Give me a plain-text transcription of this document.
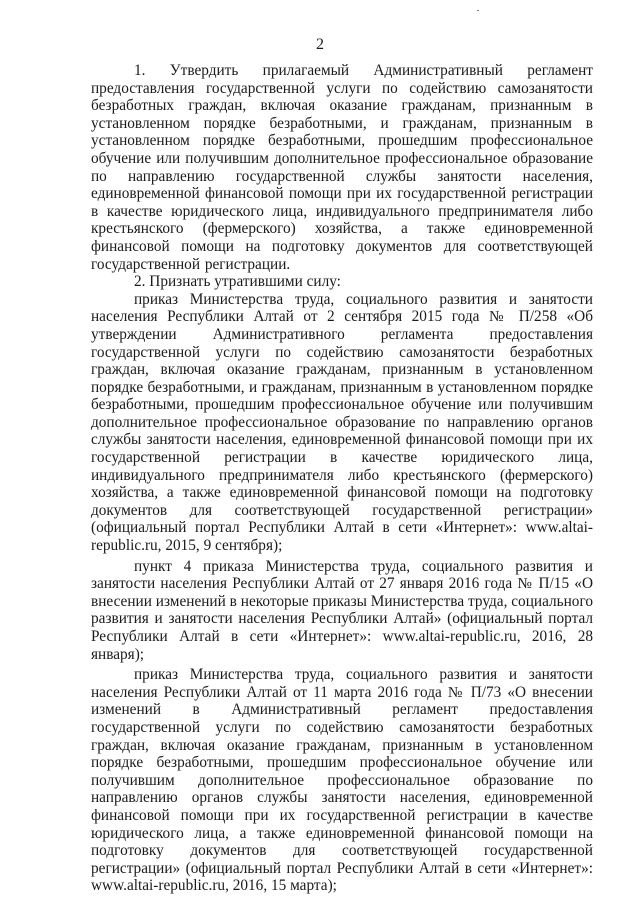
2

1. Утвердить прилагаемый Административный регламент предоставления государственной услуги по содействию самозанятости безработных граждан, включая оказание гражданам, признанным в установленном порядке безработными, и гражданам, признанным в установленном порядке безработными, прошедшим профессиональное обучение или получившим дополнительное профессиональное образование по направлению государственной службы занятости населения, единовременной финансовой помощи при их государственной регистрации в качестве юридического лица, индивидуального предпринимателя либо крестьянского (фермерского) хозяйства, а также единовременной финансовой помощи на подготовку документов для соответствующей государственной регистрации.

2. Признать утратившими силу:

приказ Министерства труда, социального развития и занятости населения Республики Алтай от 2 сентября 2015 года № П/258 «Об утверждении Административного регламента предоставления государственной услуги по содействию самозанятости безработных граждан, включая оказание гражданам, признанным в установленном порядке безработными, и гражданам, признанным в установленном порядке безработными, прошедшим профессиональное обучение или получившим дополнительное профессиональное образование по направлению органов службы занятости населения, единовременной финансовой помощи при их государственной регистрации в качестве юридического лица, индивидуального предпринимателя либо крестьянского (фермерского) хозяйства, а также единовременной финансовой помощи на подготовку документов для соответствующей государственной регистрации» (официальный портал Республики Алтай в сети «Интернет»: www.altai-republic.ru, 2015, 9 сентября);

пункт 4 приказа Министерства труда, социального развития и занятости населения Республики Алтай от 27 января 2016 года № П/15 «О внесении изменений в некоторые приказы Министерства труда, социального развития и занятости населения Республики Алтай» (официальный портал Республики Алтай в сети «Интернет»: www.altai-republic.ru, 2016, 28 января);

приказ Министерства труда, социального развития и занятости населения Республики Алтай от 11 марта 2016 года № П/73 «О внесении изменений в Административный регламент предоставления государственной услуги по содействию самозанятости безработных граждан, включая оказание гражданам, признанным в установленном порядке безработными, прошедшим профессиональное обучение или получившим дополнительное профессиональное образование по направлению органов службы занятости населения, единовременной финансовой помощи при их государственной регистрации в качестве юридического лица, а также единовременной финансовой помощи на подготовку документов для соответствующей государственной регистрации» (официальный портал Республики Алтай в сети «Интернет»: www.altai-republic.ru, 2016, 15 марта);
